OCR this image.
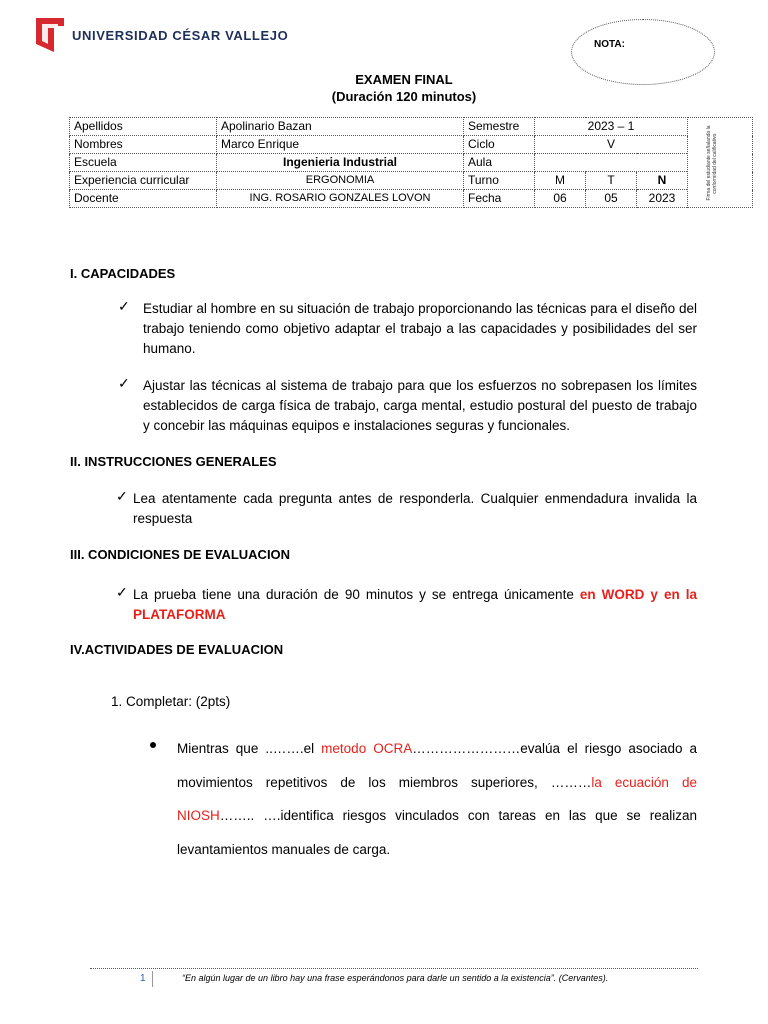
UNIVERSIDAD CÉSAR VALLEJO
NOTA:
EXAMEN FINAL
(Duración 120 minutos)
Apellidos	Apolinario Bazan	Semestre	2023 – 1			Firma del estudiante señalando la conformidad del calificativo.

Nombres	Marco Enrique	Ciclo	V			
Escuela	Ingenieria Industrial	Aula				
Experiencia curricular	ERGONOMIA	Turno	M	T	N	
Docente	ING. ROSARIO GONZALES LOVON	Fecha	06	05	2023	
I. CAPACIDADES
✓ Estudiar al hombre en su situación de trabajo proporcionando las técnicas para el diseño del trabajo teniendo como objetivo adaptar el trabajo a las capacidades y posibilidades del ser humano.
✓ Ajustar las técnicas al sistema de trabajo para que los esfuerzos no sobrepasen los límites establecidos de carga física de trabajo, carga mental, estudio postural del puesto de trabajo y concebir las máquinas equipos e instalaciones seguras y funcionales.
II. INSTRUCCIONES GENERALES
✓ Lea atentamente cada pregunta antes de responderla. Cualquier enmendadura invalida la respuesta
III. CONDICIONES DE EVALUACION
✓ La prueba tiene una duración de 90 minutos y se entrega únicamente en WORD y en la PLATAFORMA
IV.ACTIVIDADES DE EVALUACION
1. Completar: (2pts)
Mientras que ..…….el metodo OCRA……………………evalúa el riesgo asociado a movimientos repetitivos de los miembros superiores, ………la ecuación de NIOSH…….. ….identifica riesgos vinculados con tareas en las que se realizan levantamientos manuales de carga.
1	“En algún lugar de un libro hay una frase esperándonos para darle un sentido a la existencia”. (Cervantes).
